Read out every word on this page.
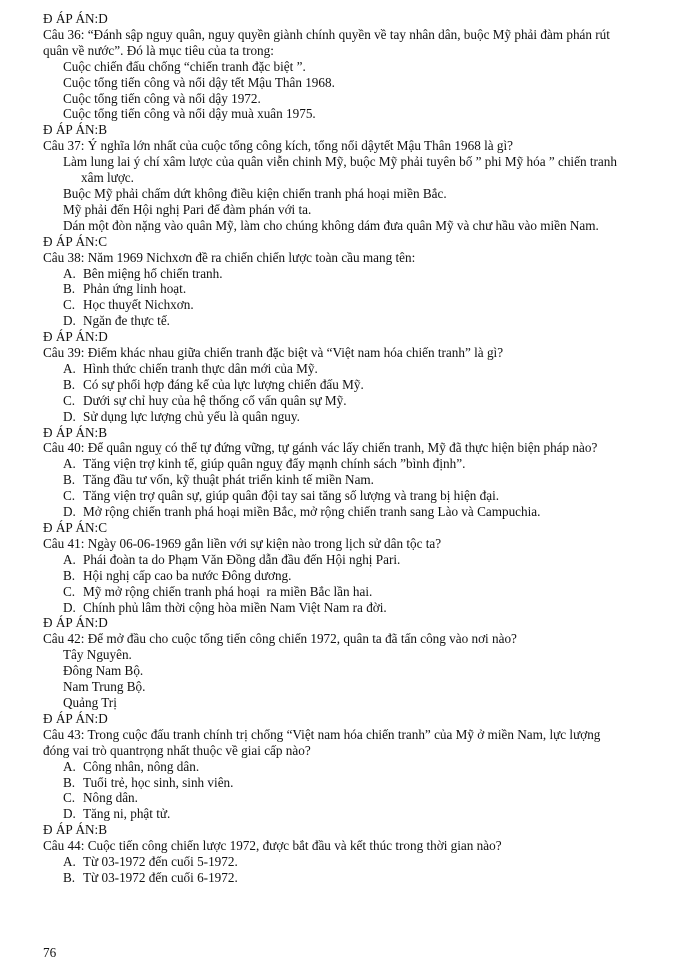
Đ ÁP ÁN:D
Câu 36: “Đánh sập nguy quân, nguy quyền giành chính quyền về tay nhân dân, buộc Mỹ phải đàm phán rút
quân về nước”. Đó là mục tiêu của ta trong:
Cuộc chiến đấu chống “chiến tranh đặc biệt ”.
Cuộc tổng tiến công và nổi dậy tết Mậu Thân 1968.
Cuộc tổng tiến công và nổi dậy 1972.
Cuộc tổng tiến công và nổi dậy muà xuân 1975.
Đ ÁP ÁN:B
Câu 37: Ý nghĩa lớn nhất của cuộc tổng công kích, tổng nổi dậytết Mậu Thân 1968 là gì?
Làm lung lai ý chí xâm lược của quân viễn chinh Mỹ, buộc Mỹ phải tuyên bố ” phi Mỹ hóa ” chiến tranh
xâm lược.
Buộc Mỹ phải chấm dứt không điều kiện chiến tranh phá hoại miền Bắc.
Mỹ phải đến Hội nghị Pari để đàm phán với ta.
Dán một đòn nặng vào quân Mỹ, làm cho chúng không dám đưa quân Mỹ và chư hầu vào miền Nam.
Đ ÁP ÁN:C
Câu 38: Năm 1969 Nichxơn đề ra chiến chiến lược toàn cầu mang tên:
A. Bên miệng hố chiến tranh.
B. Phản ứng linh hoạt.
C. Học thuyết Nichxơn.
D. Ngăn đe thực tế.
Đ ÁP ÁN:D
Câu 39: Điểm khác nhau giữa chiến tranh đặc biệt và “Việt nam hóa chiến tranh” là gì?
A. Hình thức chiến tranh thực dân mới của Mỹ.
B. Có sự phối hợp đáng kể của lực lượng chiến đấu Mỹ.
C. Dưới sự chỉ huy của hệ thống cố vấn quân sự Mỹ.
D. Sử dụng lực lượng chủ yếu là quân nguy.
Đ ÁP ÁN:B
Câu 40: Để quân nguỵ có thể tự đứng vững, tự gánh vác lấy chiến tranh, Mỹ đã thực hiện biện pháp nào?
A. Tăng viện trợ kinh tế, giúp quân nguỵ đẩy mạnh chính sách ”bình định”.
B. Tăng đầu tư vốn, kỹ thuật phát triển kinh tế miền Nam.
C. Tăng viện trợ quân sự, giúp quân đội tay sai tăng số lượng và trang bị hiện đại.
D. Mở rộng chiến tranh phá hoại miền Bắc, mở rộng chiến tranh sang Lào và Campuchia.
Đ ÁP ÁN:C
Câu 41: Ngày 06-06-1969 gắn liền với sự kiện nào trong lịch sử dân tộc ta?
A. Phái đoàn ta do Phạm Văn Đồng dẫn đầu đến Hội nghị Pari.
B. Hội nghị cấp cao ba nước Đông dương.
C. Mỹ mở rộng chiến tranh phá hoại  ra miền Bắc lần hai.
D. Chính phủ lâm thời cộng hòa miền Nam Việt Nam ra đời.
Đ ÁP ÁN:D
Câu 42: Để mở đầu cho cuộc tổng tiến công chiến 1972, quân ta đã tấn công vào nơi nào?
Tây Nguyên.
Đông Nam Bộ.
Nam Trung Bộ.
Quảng Trị
Đ ÁP ÁN:D
Câu 43: Trong cuộc đấu tranh chính trị chống “Việt nam hóa chiến tranh” của Mỹ ở miền Nam, lực lượng
đóng vai trò quantrọng nhất thuộc về giai cấp nào?
A. Công nhân, nông dân.
B. Tuổi trẻ, học sinh, sinh viên.
C. Nông dân.
D. Tăng ni, phật tử.
Đ ÁP ÁN:B
Câu 44: Cuộc tiến công chiến lược 1972, được bắt đầu và kết thúc trong thời gian nào?
A. Từ 03-1972 đến cuối 5-1972.
B. Từ 03-1972 đến cuối 6-1972.
76
